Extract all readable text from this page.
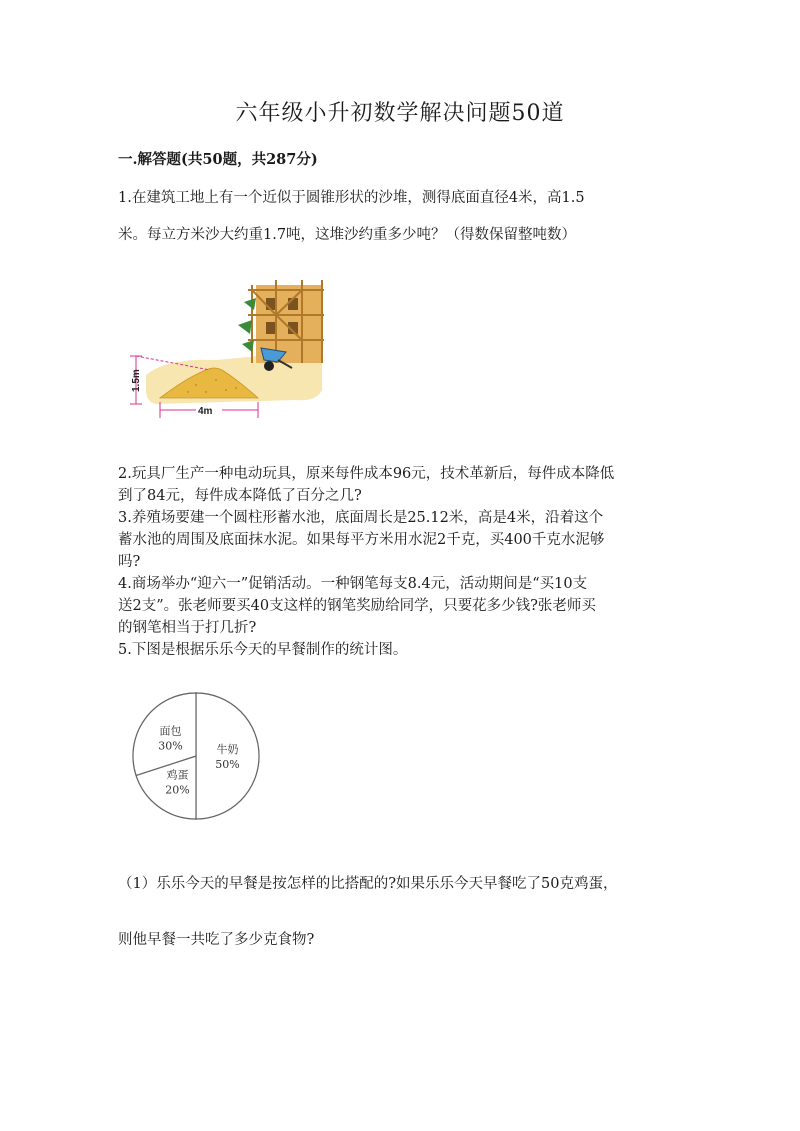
六年级小升初数学解决问题50道
一.解答题(共50题，共287分)
1.在建筑工地上有一个近似于圆锥形状的沙堆，测得底面直径4米，高1.5
米。每立方米沙大约重1.7吨，这堆沙约重多少吨？（得数保留整吨数）
1.5m
4m
2.玩具厂生产一种电动玩具，原来每件成本96元，技术革新后，每件成本降低
到了84元，每件成本降低了百分之几?
3.养殖场要建一个圆柱形蓄水池，底面周长是25.12米，高是4米，沿着这个
蓄水池的周围及底面抹水泥。如果每平方米用水泥2千克，买400千克水泥够
吗?
4.商场举办“迎六一”促销活动。一种钢笔每支8.4元，活动期间是“买10支
送2支”。张老师要买40支这样的钢笔奖励给同学，只要花多少钱?张老师买
的钢笔相当于打几折?
5.下图是根据乐乐今天的早餐制作的统计图。
牛奶
50%
鸡蛋
20%
面包
30%
（1）乐乐今天的早餐是按怎样的比搭配的?如果乐乐今天早餐吃了50克鸡蛋，
则他早餐一共吃了多少克食物?
